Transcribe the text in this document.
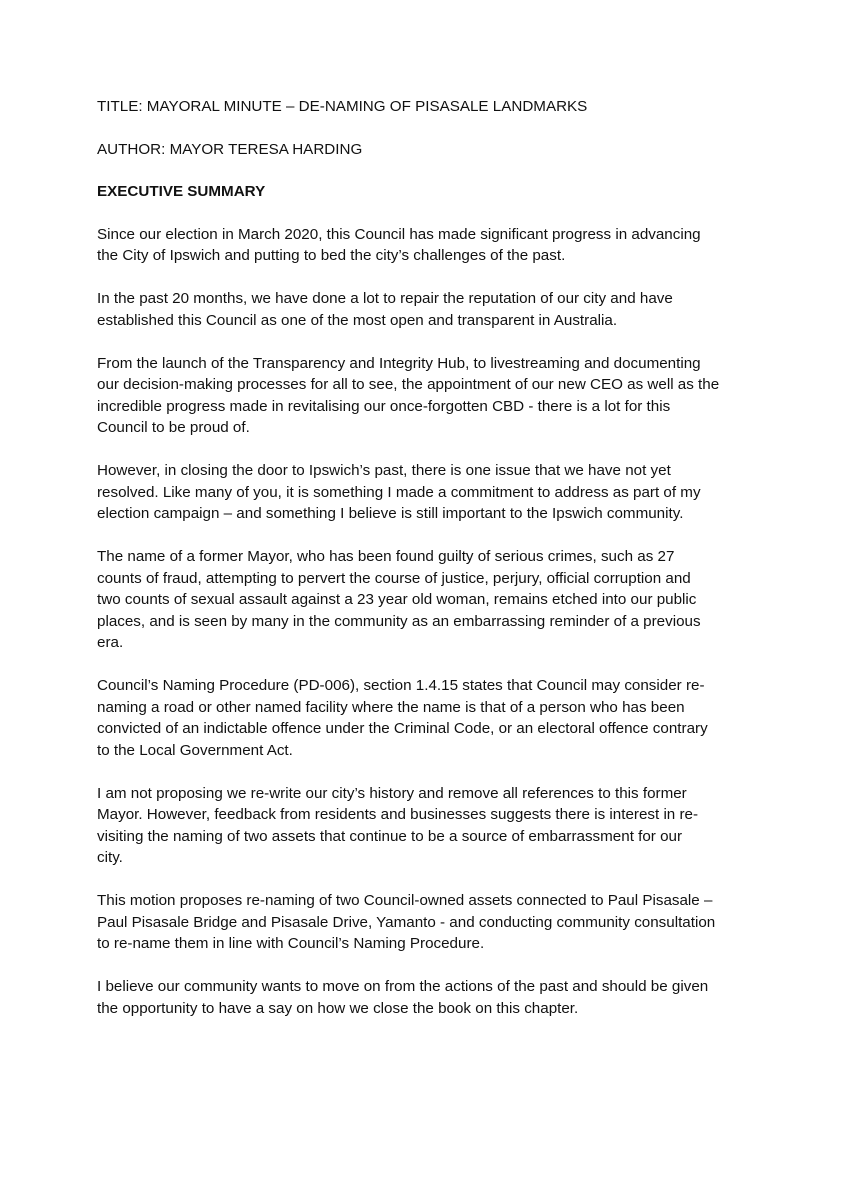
TITLE: MAYORAL MINUTE – DE-NAMING OF PISASALE LANDMARKS

AUTHOR: MAYOR TERESA HARDING

EXECUTIVE SUMMARY

Since our election in March 2020, this Council has made significant progress in advancing
the City of Ipswich and putting to bed the city’s challenges of the past.

In the past 20 months, we have done a lot to repair the reputation of our city and have
established this Council as one of the most open and transparent in Australia.

From the launch of the Transparency and Integrity Hub, to livestreaming and documenting
our decision-making processes for all to see, the appointment of our new CEO as well as the
incredible progress made in revitalising our once-forgotten CBD - there is a lot for this
Council to be proud of.

However, in closing the door to Ipswich’s past, there is one issue that we have not yet
resolved. Like many of you, it is something I made a commitment to address as part of my
election campaign – and something I believe is still important to the Ipswich community.

The name of a former Mayor, who has been found guilty of serious crimes, such as 27
counts of fraud, attempting to pervert the course of justice, perjury, official corruption and
two counts of sexual assault against a 23 year old woman, remains etched into our public
places, and is seen by many in the community as an embarrassing reminder of a previous
era.

Council’s Naming Procedure (PD-006), section 1.4.15 states that Council may consider re-
naming a road or other named facility where the name is that of a person who has been
convicted of an indictable offence under the Criminal Code, or an electoral offence contrary
to the Local Government Act.

I am not proposing we re-write our city’s history and remove all references to this former
Mayor. However, feedback from residents and businesses suggests there is interest in re-
visiting the naming of two assets that continue to be a source of embarrassment for our
city.

This motion proposes re-naming of two Council-owned assets connected to Paul Pisasale –
Paul Pisasale Bridge and Pisasale Drive, Yamanto - and conducting community consultation
to re-name them in line with Council’s Naming Procedure.

I believe our community wants to move on from the actions of the past and should be given
the opportunity to have a say on how we close the book on this chapter.
